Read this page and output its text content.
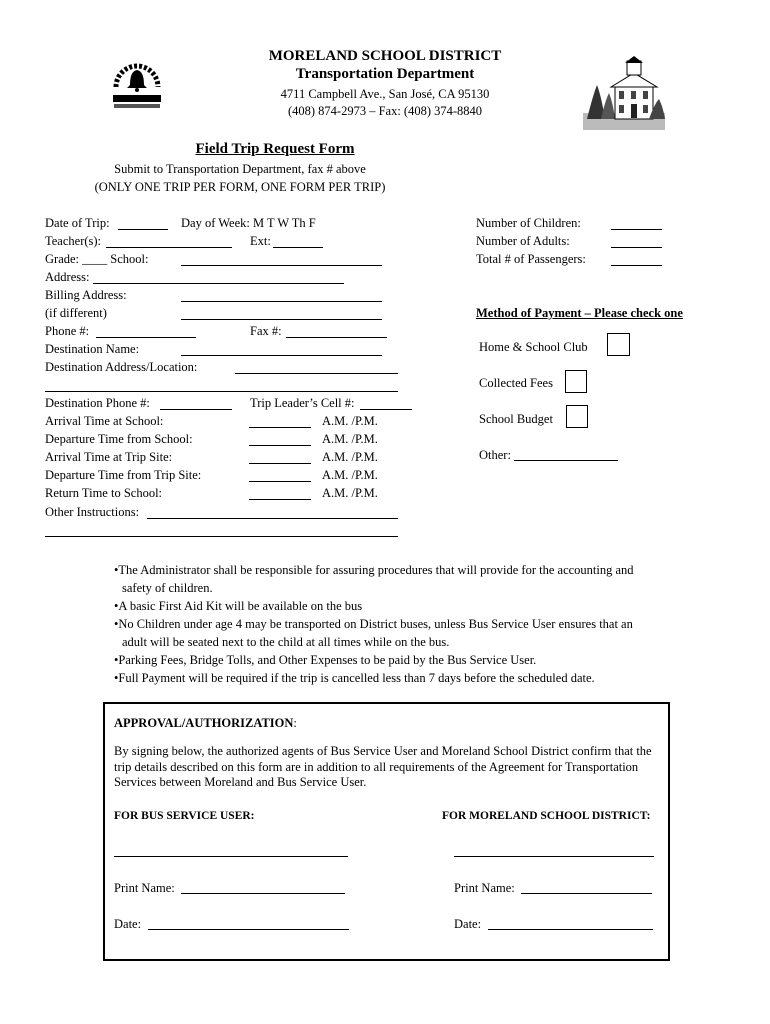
MORELAND SCHOOL DISTRICT
Transportation Department
4711 Campbell Ave., San José, CA 95130
(408) 874-2973 – Fax: (408) 374-8840
Field Trip Request Form
Submit to Transportation Department, fax # above
(ONLY ONE TRIP PER FORM, ONE FORM PER TRIP)
Date of Trip:	Day of Week: M T W Th F
Teacher(s):	Ext:
Grade: ____ School:
Address:
Billing Address:
(if different)
Phone #:	Fax #:
Destination Name:
Destination Address/Location:
Destination Phone #:	Trip Leader’s Cell #:
Arrival Time at School:	A.M. /P.M.
Departure Time from School:	A.M. /P.M.
Arrival Time at Trip Site:	A.M. /P.M.
Departure Time from Trip Site:	A.M. /P.M.
Return Time to School:	A.M. /P.M.
Other Instructions:
Number of Children:
Number of Adults:
Total # of Passengers:
Method of Payment – Please check one
Home & School Club
Collected Fees
School Budget
Other:
•The Administrator shall be responsible for assuring procedures that will provide for the accounting and safety of children.
•A basic First Aid Kit will be available on the bus
•No Children under age 4 may be transported on District buses, unless Bus Service User ensures that an adult will be seated next to the child at all times while on the bus.
•Parking Fees, Bridge Tolls, and Other Expenses to be paid by the Bus Service User.
•Full Payment will be required if the trip is cancelled less than 7 days before the scheduled date.
APPROVAL/AUTHORIZATION:
By signing below, the authorized agents of Bus Service User and Moreland School District confirm that the trip details described on this form are in addition to all requirements of the Agreement for Transportation Services between Moreland and Bus Service User.
FOR BUS SERVICE USER:	FOR MORELAND SCHOOL DISTRICT:
Print Name:	Print Name:
Date:	Date:
